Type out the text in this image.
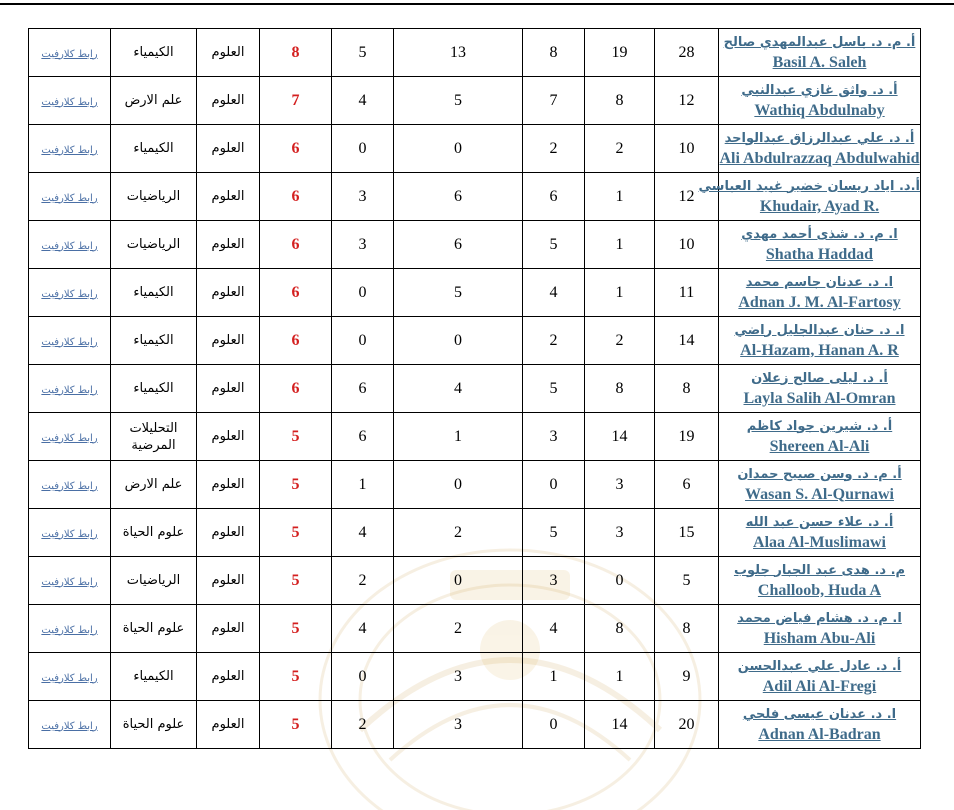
رابط كلارفيت	الكيمياء	العلوم	8	5	13	8	19	28	أ. م. د. باسل عبدالمهدي صالح
Basil A. Saleh

رابط كلارفيت	علم الارض	العلوم	7	4	5	7	8	12	أ. د. واثق غازي عبدالنبي
Wathiq Abdulnaby

رابط كلارفيت	الكيمياء	العلوم	6	0	0	2	2	10	أ. د. علي عبدالرزاق عبدالواحد
Ali Abdulrazzaq Abdulwahid

رابط كلارفيت	الرياضيات	العلوم	6	3	6	6	1	12	أ.د. اياد ريسان خضير غبيد العباسي
Khudair, Ayad R.

رابط كلارفيت	الرياضيات	العلوم	6	3	6	5	1	10	ا. م. د. شذى أحمد مهدي
Shatha Haddad

رابط كلارفيت	الكيمياء	العلوم	6	0	5	4	1	11	ا. د. عدنان جاسم محمد
Adnan J. M. Al-Fartosy

رابط كلارفيت	الكيمياء	العلوم	6	0	0	2	2	14	ا. د. حنان عبدالجليل راضي
Al-Hazam, Hanan A. R

رابط كلارفيت	الكيمياء	العلوم	6	6	4	5	8	8	أ. د. ليلى صالح زعلان
Layla Salih Al-Omran

رابط كلارفيت	التحليلات المرضية	العلوم	5	6	1	3	14	19	أ. د. شيرين جواد كاظم
Shereen Al-Ali

رابط كلارفيت	علم الارض	العلوم	5	1	0	0	3	6	أ. م. د. وسن صبيح حمدان
Wasan S. Al-Qurnawi

رابط كلارفيت	علوم الحياة	العلوم	5	4	2	5	3	15	أ. د. علاء حسن عبد الله
Alaa Al-Muslimawi

رابط كلارفيت	الرياضيات	العلوم	5	2	0	3	0	5	م. د. هدى عبد الجبار جلوب
Challoob, Huda A

رابط كلارفيت	علوم الحياة	العلوم	5	4	2	4	8	8	ا. م. د. هشام فياض محمد
Hisham Abu-Ali

رابط كلارفيت	الكيمياء	العلوم	5	0	3	1	1	9	أ. د. عادل علي عبدالحسن
Adil Ali Al-Fregi

رابط كلارفيت	علوم الحياة	العلوم	5	2	3	0	14	20	ا. د. عدنان عيسى فلحي
Adnan Al-Badran
